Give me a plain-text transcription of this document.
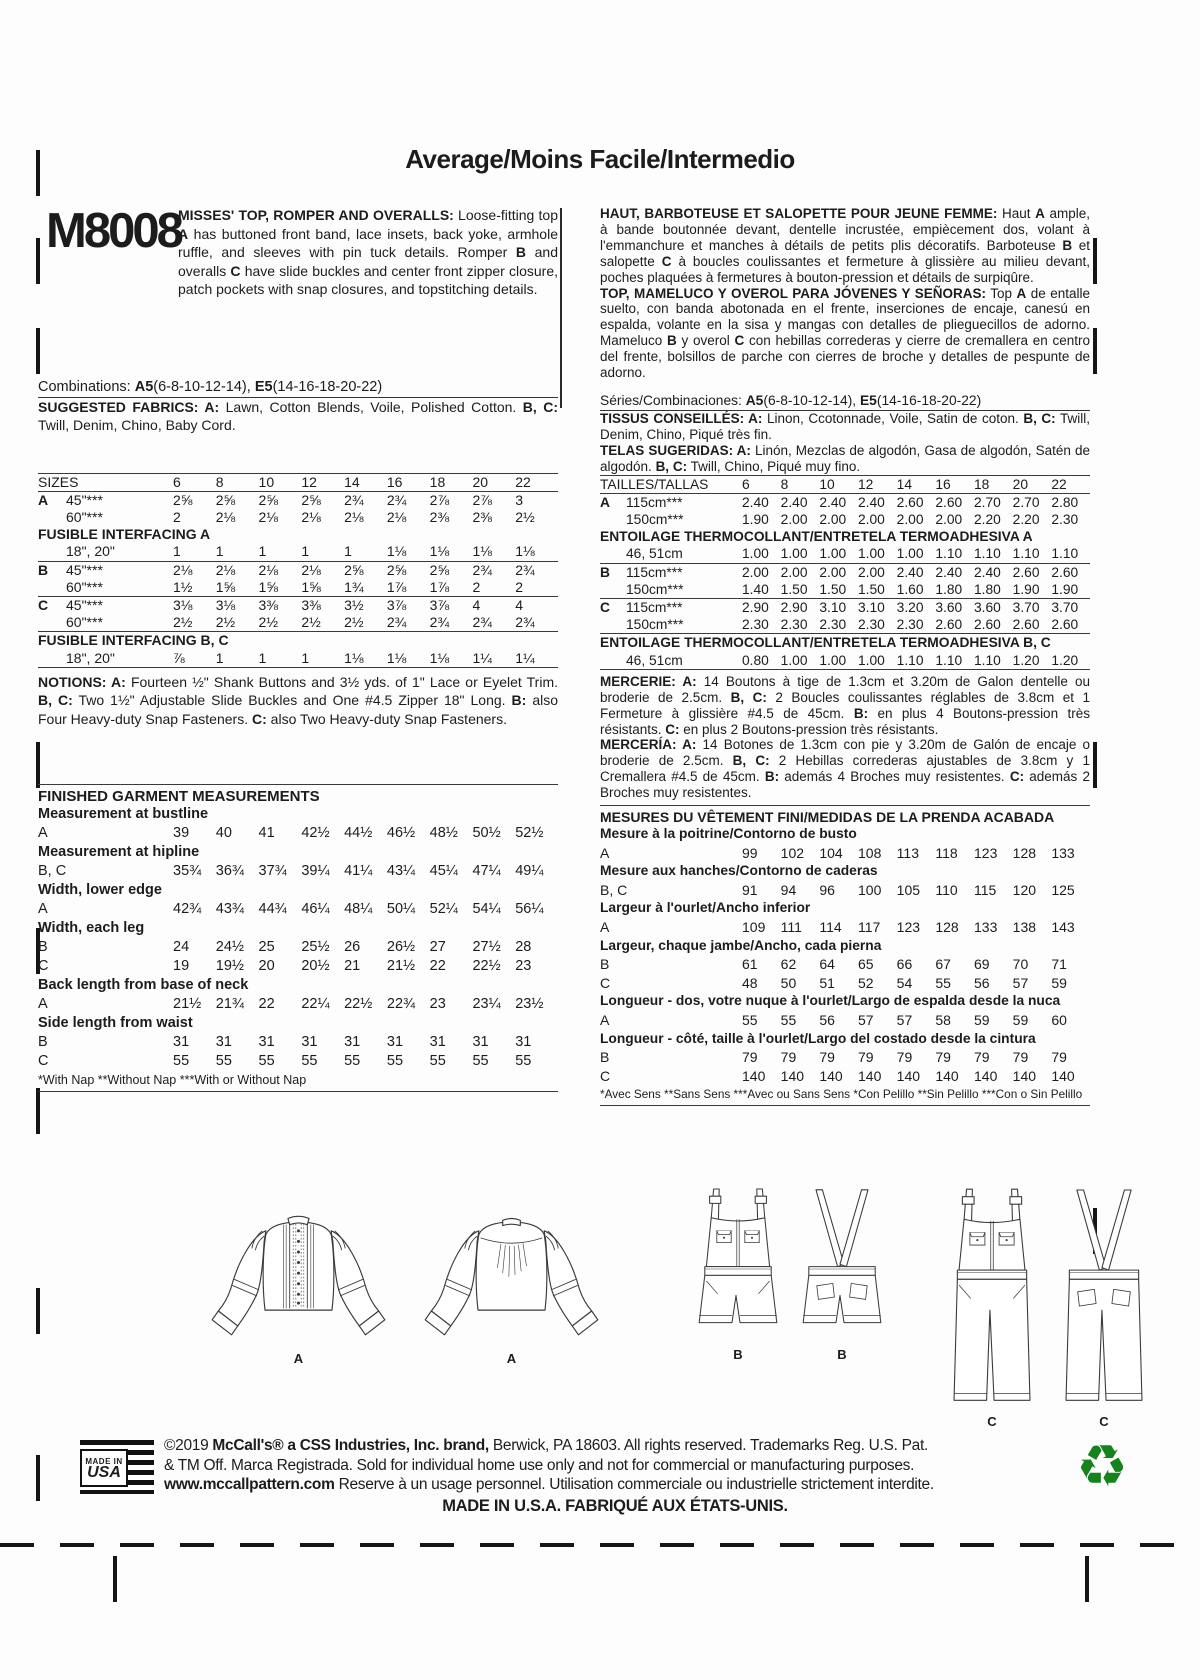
Average/Moins Facile/Intermedio
M8008
MISSES' TOP, ROMPER AND OVERALLS: Loose-fitting top A has buttoned front band, lace insets, back yoke, armhole ruffle, and sleeves with pin tuck details. Romper B and overalls C have slide buckles and center front zipper closure, patch pockets with snap closures, and topstitching details.
Combinations: A5(6-8-10-12-14), E5(14-16-18-20-22)
SUGGESTED FABRICS: A: Lawn, Cotton Blends, Voile, Polished Cotton. B, C: Twill, Denim, Chino, Baby Cord.
SIZES	6	8	10	12	14	16	18	20	22
A	45"***	2⅝	2⅝	2⅝	2⅝	2¾	2¾	2⅞	2⅞	3
60"***	2	2⅛	2⅛	2⅛	2⅛	2⅛	2⅜	2⅜	2½
FUSIBLE INTERFACING A
18", 20"	1	1	1	1	1	1⅛	1⅛	1⅛	1⅛
B	45"***	2⅛	2⅛	2⅛	2⅛	2⅝	2⅝	2⅝	2¾	2¾
60"***	1½	1⅝	1⅝	1⅝	1¾	1⅞	1⅞	2	2
C	45"***	3⅛	3⅛	3⅜	3⅜	3½	3⅞	3⅞	4	4
60"***	2½	2½	2½	2½	2½	2¾	2¾	2¾	2¾
FUSIBLE INTERFACING B, C
18", 20"	⅞	1	1	1	1⅛	1⅛	1⅛	1¼	1¼
NOTIONS: A: Fourteen ½" Shank Buttons and 3½ yds. of 1" Lace or Eyelet Trim. B, C: Two 1½" Adjustable Slide Buckles and One #4.5 Zipper 18" Long. B: also Four Heavy-duty Snap Fasteners. C: also Two Heavy-duty Snap Fasteners.
FINISHED GARMENT MEASUREMENTS
Measurement at bustline
A	39	40	41	42½	44½	46½	48½	50½	52½
Measurement at hipline
B, C	35¾	36¾	37¾	39¼	41¼	43¼	45¼	47¼	49¼
Width, lower edge
A	42¾	43¾	44¾	46¼	48¼	50¼	52¼	54¼	56¼
Width, each leg
B	24	24½	25	25½	26	26½	27	27½	28
C	19	19½	20	20½	21	21½	22	22½	23
Back length from base of neck
A	21½	21¾	22	22¼	22½	22¾	23	23¼	23½
Side length from waist
B	31	31	31	31	31	31	31	31	31
C	55	55	55	55	55	55	55	55	55
*With Nap **Without Nap ***With or Without Nap
HAUT, BARBOTEUSE ET SALOPETTE POUR JEUNE FEMME: Haut A ample, à bande boutonnée devant, dentelle incrustée, empiècement dos, volant à l'emmanchure et manches à détails de petits plis décoratifs. Barboteuse B et salopette C à boucles coulissantes et fermeture à glissière au milieu devant, poches plaquées à fermetures à bouton-pression et détails de surpiqûre.
TOP, MAMELUCO Y OVEROL PARA JÓVENES Y SEÑORAS: Top A de entalle suelto, con banda abotonada en el frente, inserciones de encaje, canesú en espalda, volante en la sisa y mangas con detalles de plieguecillos de adorno. Mameluco B y overol C con hebillas correderas y cierre de cremallera en centro del frente, bolsillos de parche con cierres de broche y detalles de pespunte de adorno.
Séries/Combinaciones: A5(6-8-10-12-14), E5(14-16-18-20-22)
TISSUS CONSEILLÉS: A: Linon, Ccotonnade, Voile, Satin de coton. B, C: Twill, Denim, Chino, Piqué très fin.
TELAS SUGERIDAS: A: Linón, Mezclas de algodón, Gasa de algodón, Satén de algodón. B, C: Twill, Chino, Piqué muy fino.
TAILLES/TALLAS	6	8	10	12	14	16	18	20	22
A	115cm***	2.40 2.40 2.40 2.40 2.60 2.60 2.70 2.70 2.80
150cm***	1.90 2.00 2.00 2.00 2.00 2.00 2.20 2.20 2.30
ENTOILAGE THERMOCOLLANT/ENTRETELA TERMOADHESIVA A
46, 51cm	1.00 1.00 1.00 1.00 1.00 1.10 1.10 1.10 1.10
B	115cm***	2.00 2.00 2.00 2.00 2.40 2.40 2.40 2.60 2.60
150cm***	1.40 1.50 1.50 1.50 1.60 1.80 1.80 1.90 1.90
C	115cm***	2.90 2.90 3.10 3.10 3.20 3.60 3.60 3.70 3.70
150cm***	2.30 2.30 2.30 2.30 2.30 2.60 2.60 2.60 2.60
ENTOILAGE THERMOCOLLANT/ENTRETELA TERMOADHESIVA B, C
46, 51cm	0.80 1.00 1.00 1.00 1.10 1.10 1.10 1.20 1.20
MERCERIE: A: 14 Boutons à tige de 1.3cm et 3.20m de Galon dentelle ou broderie de 2.5cm. B, C: 2 Boucles coulissantes réglables de 3.8cm et 1 Fermeture à glissière #4.5 de 45cm. B: en plus 4 Boutons-pression très résistants. C: en plus 2 Boutons-pression très résistants.
MERCERÍA: A: 14 Botones de 1.3cm con pie y 3.20m de Galón de encaje o broderie de 2.5cm. B, C: 2 Hebillas correderas ajustables de 3.8cm y 1 Cremallera #4.5 de 45cm. B: además 4 Broches muy resistentes. C: además 2 Broches muy resistentes.
MESURES DU VÊTEMENT FINI/MEDIDAS DE LA PRENDA ACABADA
Mesure à la poitrine/Contorno de busto
A	99	102	104	108	113	118	123	128	133
Mesure aux hanches/Contorno de caderas
B, C	91	94	96	100	105	110	115	120	125
Largeur à l'ourlet/Ancho inferior
A	109	111	114	117	123	128	133	138	143
Largeur, chaque jambe/Ancho, cada pierna
B	61	62	64	65	66	67	69	70	71
C	48	50	51	52	54	55	56	57	59
Longueur - dos, votre nuque à l'ourlet/Largo de espalda desde la nuca
A	55	55	56	57	57	58	59	59	60
Longueur - côté, taille à l'ourlet/Largo del costado desde la cintura
B	79	79	79	79	79	79	79	79	79
C	140	140	140	140	140	140	140	140	140
*Avec Sens **Sans Sens ***Avec ou Sans Sens *Con Pelillo **Sin Pelillo ***Con o Sin Pelillo
A	A	B	B
C	C
MADE IN
USA
©2019 McCall's® a CSS Industries, Inc. brand, Berwick, PA 18603. All rights reserved. Trademarks Reg. U.S. Pat.
& TM Off. Marca Registrada. Sold for individual home use only and not for commercial or manufacturing purposes.
www.mccallpattern.com Reserve à un usage personnel. Utilisation commerciale ou industrielle strictement interdite.
MADE IN U.S.A. FABRIQUÉ AUX ÉTATS-UNIS.
♻
